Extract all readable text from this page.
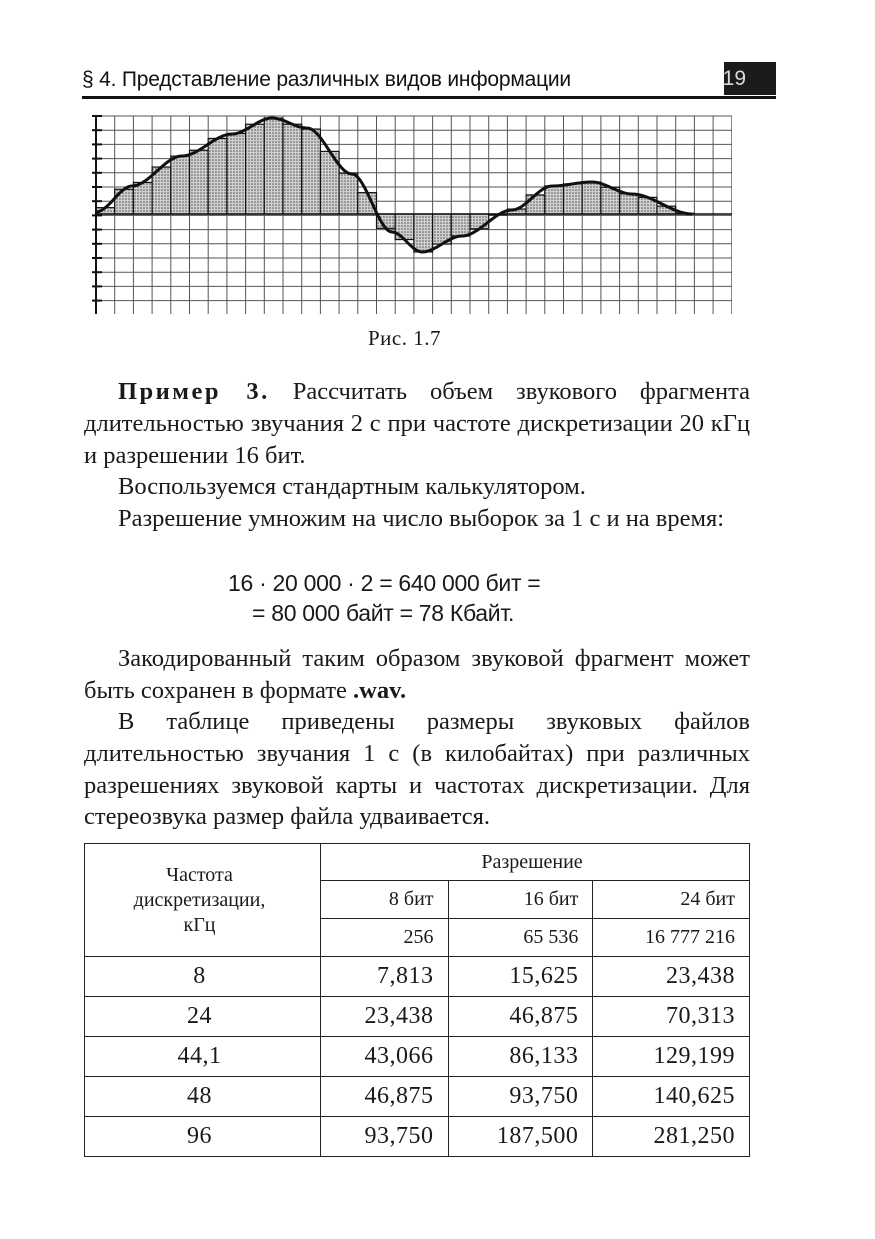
§ 4. Представление различных видов информации	19
Рис. 1.7
Пример 3. Рассчитать объем звукового фрагмента длительностью звучания 2 с при частоте дискретизации 20 кГц и разрешении 16 бит.
Воспользуемся стандартным калькулятором.
Разрешение умножим на число выборок за 1 с и на время:
16 · 20 000 · 2 = 640 000 бит =
= 80 000 байт = 78 Кбайт.
Закодированный таким образом звуковой фрагмент может быть сохранен в формате .wav.
В таблице приведены размеры звуковых файлов длительностью звучания 1 с (в килобайтах) при различных разрешениях звуковой карты и частотах дискретизации. Для стереозвука размер файла удваивается.
Частота
дискретизации,
кГц	Разрешение		
	8 бит	16 бит	24 бит
	256	65 536	16 777 216
8	7,813	15,625	23,438
24	23,438	46,875	70,313
44,1	43,066	86,133	129,199
48	46,875	93,750	140,625
96	93,750	187,500	281,250
